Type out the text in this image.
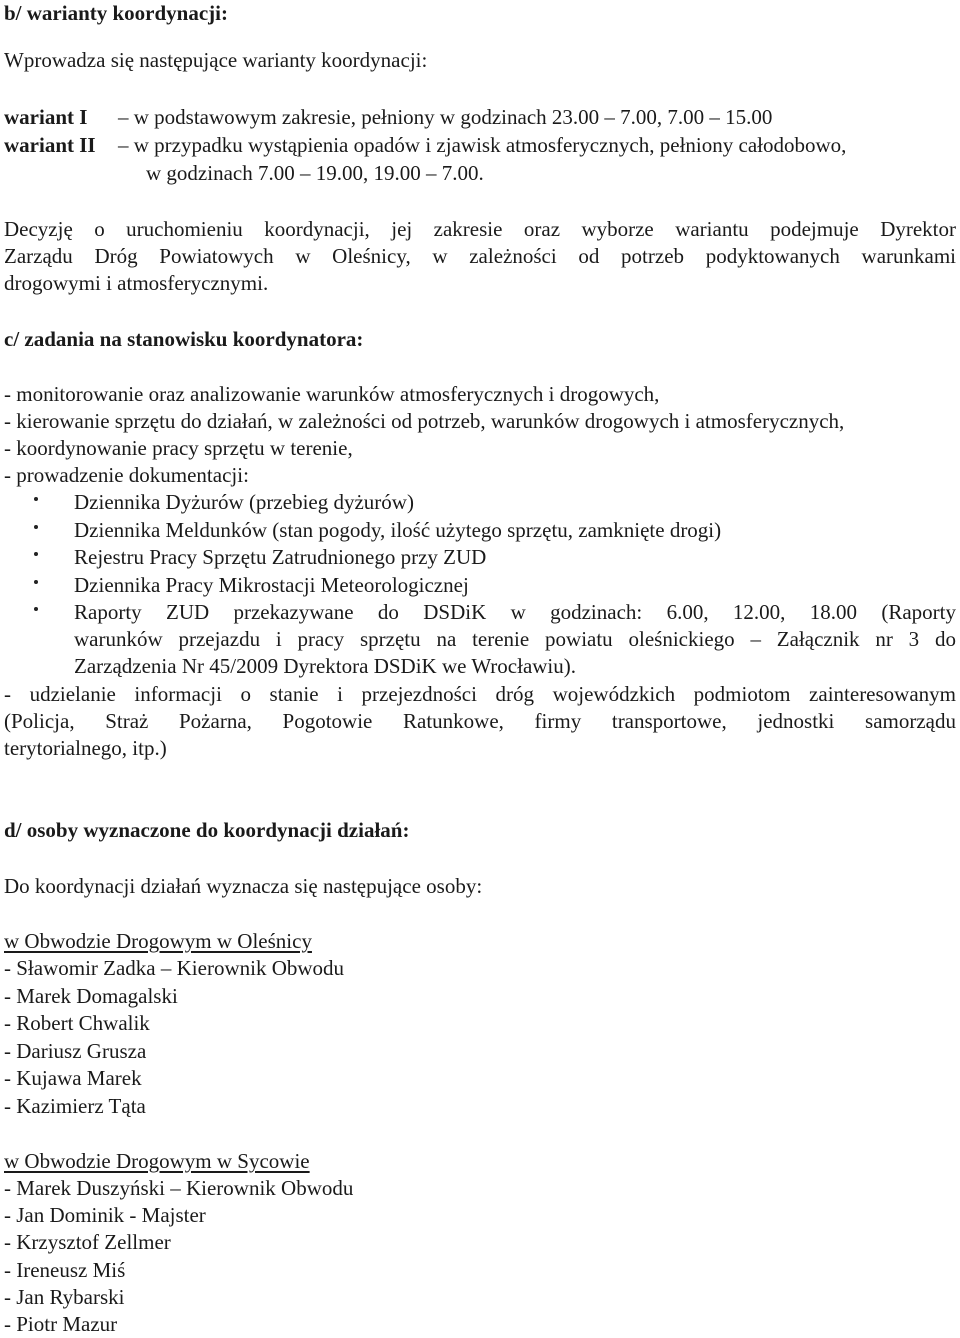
b/ warianty koordynacji:
Wprowadza się następujące warianty koordynacji:
wariant I – w podstawowym zakresie, pełniony w godzinach 23.00 – 7.00, 7.00 – 15.00
wariant II – w przypadku wystąpienia opadów i zjawisk atmosferycznych, pełniony całodobowo,
w godzinach 7.00 – 19.00, 19.00 – 7.00.
Decyzję o uruchomieniu koordynacji, jej zakresie oraz wyborze wariantu podejmuje Dyrektor
Zarządu Dróg Powiatowych w Oleśnicy, w zależności od potrzeb podyktowanych warunkami
drogowymi i atmosferycznymi.
c/ zadania na stanowisku koordynatora:
- monitorowanie oraz analizowanie warunków atmosferycznych i drogowych,
- kierowanie sprzętu do działań, w zależności od potrzeb, warunków drogowych i atmosferycznych,
- koordynowanie pracy sprzętu w terenie,
- prowadzenie dokumentacji:
Dziennika Dyżurów (przebieg dyżurów)
Dziennika Meldunków (stan pogody, ilość użytego sprzętu, zamknięte drogi)
Rejestru Pracy Sprzętu Zatrudnionego przy ZUD
Dziennika Pracy Mikrostacji Meteorologicznej
Raporty ZUD przekazywane do DSDiK w godzinach: 6.00, 12.00, 18.00 (Raporty
warunków przejazdu i pracy sprzętu na terenie powiatu oleśnickiego – Załącznik nr 3 do
Zarządzenia Nr 45/2009 Dyrektora DSDiK we Wrocławiu).
- udzielanie informacji o stanie i przejezdności dróg wojewódzkich podmiotom zainteresowanym
(Policja, Straż Pożarna, Pogotowie Ratunkowe, firmy transportowe, jednostki samorządu
terytorialnego, itp.)
d/ osoby wyznaczone do koordynacji działań:
Do koordynacji działań wyznacza się następujące osoby:
w Obwodzie Drogowym w Oleśnicy
- Sławomir Zadka – Kierownik Obwodu
- Marek Domagalski
- Robert Chwalik
- Dariusz Grusza
- Kujawa Marek
- Kazimierz Tąta
w Obwodzie Drogowym w Sycowie
- Marek Duszyński – Kierownik Obwodu
- Jan Dominik - Majster
- Krzysztof Zellmer
- Ireneusz Miś
- Jan Rybarski
- Piotr Mazur
